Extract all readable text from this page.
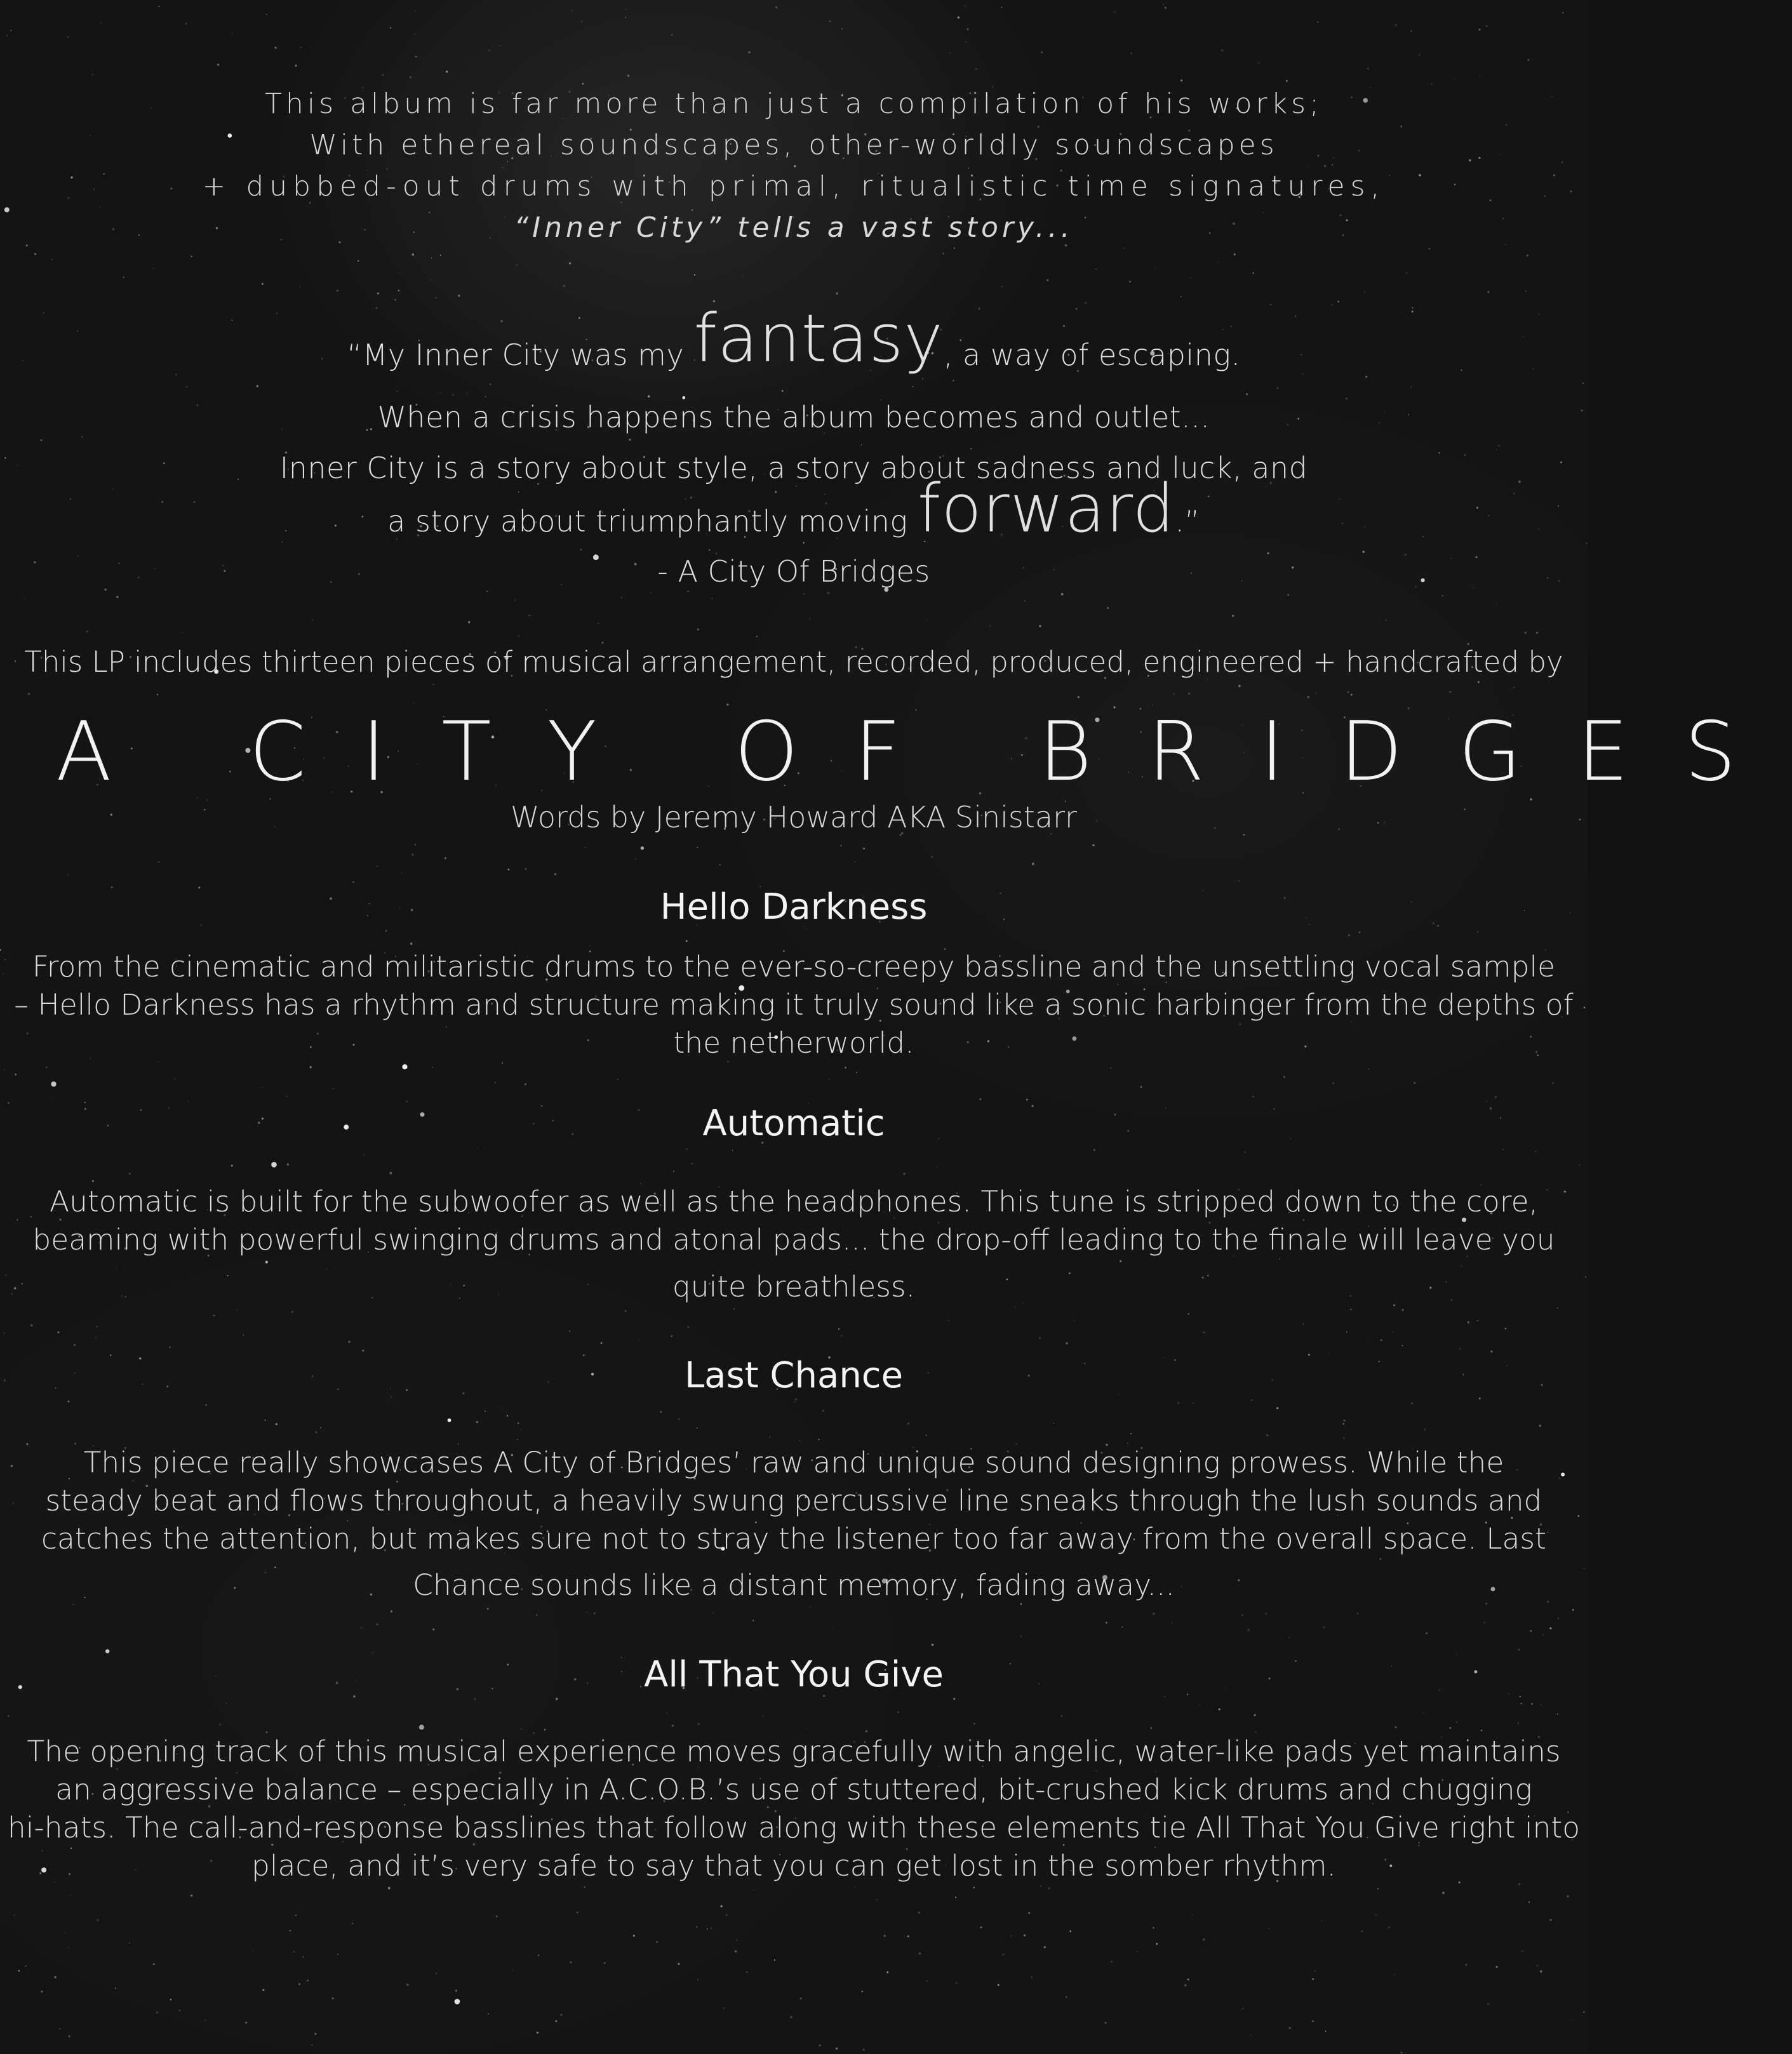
This album is far more than just a compilation of his works;
With ethereal soundscapes, other-worldly soundscapes
+ dubbed-out drums with primal, ritualistic time signatures,
“Inner City” tells a vast story...
“My Inner City was my fantasy, a way of escaping.
When a crisis happens the album becomes and outlet...
Inner City is a story about style, a story about sadness and luck, and
a story about triumphantly moving forward.”
- A City Of Bridges
This LP includes thirteen pieces of musical arrangement, recorded, produced, engineered + handcrafted by
A CITY OF BRIDGES
Words by Jeremy Howard AKA Sinistarr
Hello Darkness
From the cinematic and militaristic drums to the ever-so-creepy bassline and the unsettling vocal sample
– Hello Darkness has a rhythm and structure making it truly sound like a sonic harbinger from the depths of
the netherworld.
Automatic
Automatic is built for the subwoofer as well as the headphones. This tune is stripped down to the core,
beaming with powerful swinging drums and atonal pads... the drop-off leading to the finale will leave you
quite breathless.
Last Chance
This piece really showcases A City of Bridges’ raw and unique sound designing prowess. While the
steady beat and flows throughout, a heavily swung percussive line sneaks through the lush sounds and
catches the attention, but makes sure not to stray the listener too far away from the overall space. Last
Chance sounds like a distant memory, fading away...
All That You Give
The opening track of this musical experience moves gracefully with angelic, water-like pads yet maintains
an aggressive balance – especially in A.C.O.B.’s use of stuttered, bit-crushed kick drums and chugging
hi-hats. The call-and-response basslines that follow along with these elements tie All That You Give right into
place, and it’s very safe to say that you can get lost in the somber rhythm.
